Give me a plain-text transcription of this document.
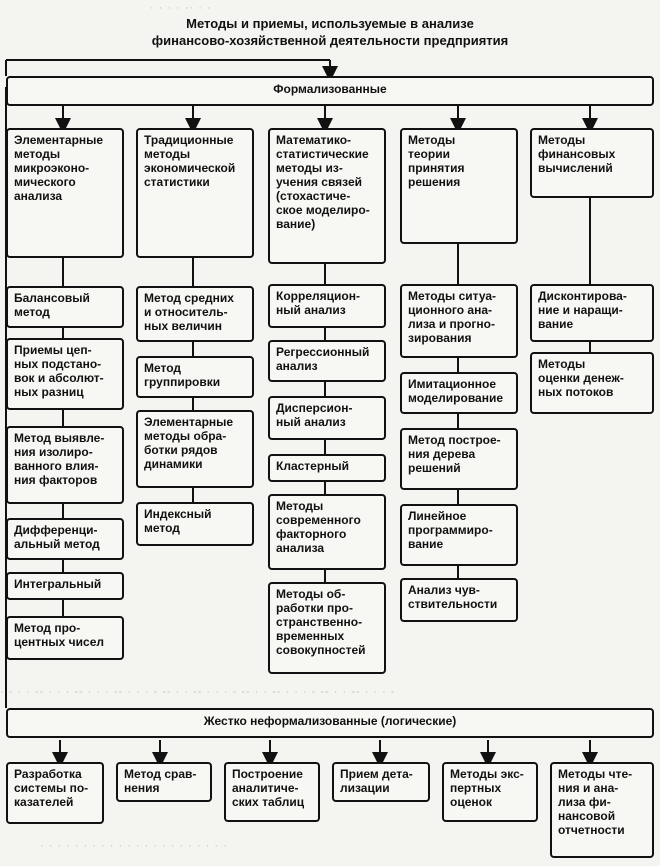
· · · · ·· · ·
· - · · -- · · · -- · · · -- · · · - -- · · -- · · · - -- · · -- · · · - -- · · -- · · · -
· · · · · · · · · · · · · · · · · · · · · ·
Методы и приемы, используемые в анализе
финансово-хозяйственной деятельности предприятия
Формализованные
Элементарные
методы
микроэконо-
мического
анализа
Традиционные
методы
экономической
статистики
Математико-
статистические
методы из-
учения связей
(стохастиче-
ское моделиро-
вание)
Методы
теории
принятия
решения
Методы
финансовых
вычислений
Балансовый
метод
Приемы цеп-
ных подстано-
вок и абсолют-
ных разниц
Метод выявле-
ния изолиро-
ванного влия-
ния факторов
Дифференци-
альный метод
Интегральный
Метод про-
центных чисел
Метод средних
и относитель-
ных величин
Метод
группировки
Элементарные
методы обра-
ботки рядов
динамики
Индексный
метод
Корреляцион-
ный анализ
Регрессионный
анализ
Дисперсион-
ный анализ
Кластерный
Методы
современного
факторного
анализа
Методы об-
работки про-
странственно-
временных
совокупностей
Методы ситуа-
ционного ана-
лиза и прогно-
зирования
Имитационное
моделирование
Метод построе-
ния дерева
решений
Линейное
программиро-
вание
Анализ чув-
ствительности
Дисконтирова-
ние и наращи-
вание
Методы
оценки денеж-
ных потоков
Жестко неформализованные (логические)
Разработка
системы по-
казателей
Метод срав-
нения
Построение
аналитиче-
ских таблиц
Прием дета-
лизации
Методы экс-
пертных
оценок
Методы чте-
ния и ана-
лиза фи-
нансовой
отчетности
